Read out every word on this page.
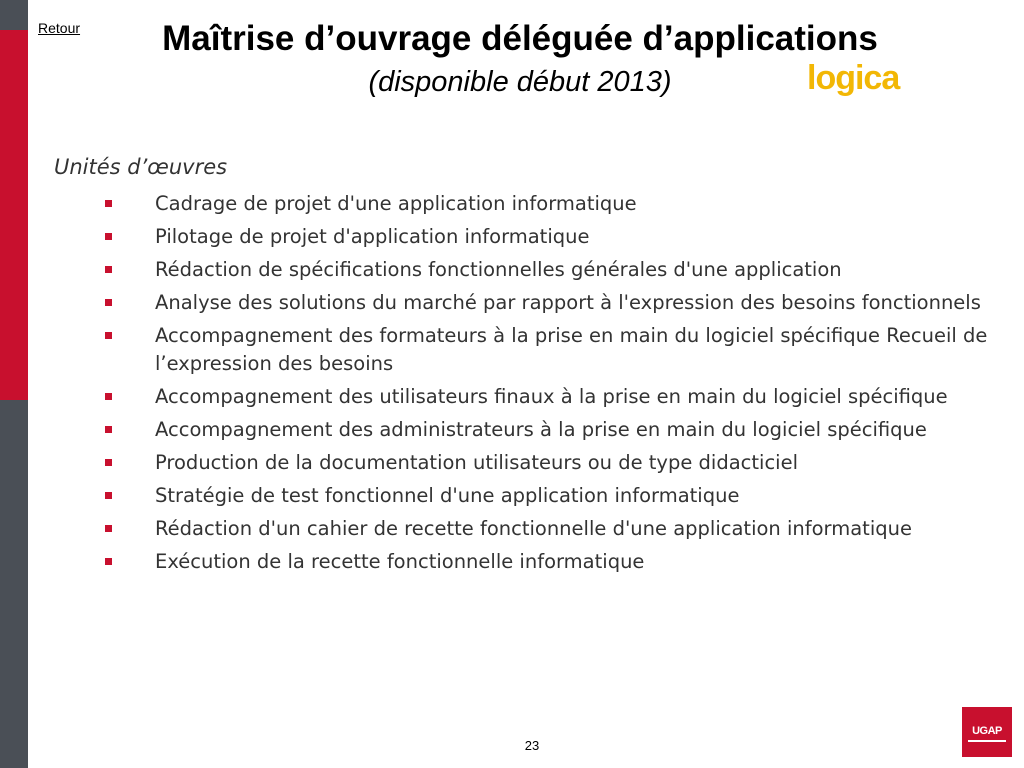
Retour	Maîtrise d’ouvrage déléguée d’applications
(disponible début 2013)	logica
Unités d’œuvres
Cadrage de projet d'une application informatique
Pilotage de projet d'application informatique
Rédaction de spécifications fonctionnelles générales d'une application
Analyse des solutions du marché par rapport à l'expression des besoins fonctionnels
Accompagnement des formateurs à la prise en main du logiciel spécifique Recueil de l’expression des besoins
Accompagnement des utilisateurs finaux à la prise en main du logiciel spécifique
Accompagnement des administrateurs à la prise en main du logiciel spécifique
Production de la documentation utilisateurs ou de type didacticiel
Stratégie de test fonctionnel d'une application informatique
Rédaction d'un cahier de recette fonctionnelle d'une application informatique
Exécution de la recette fonctionnelle informatique
23
UGAP
